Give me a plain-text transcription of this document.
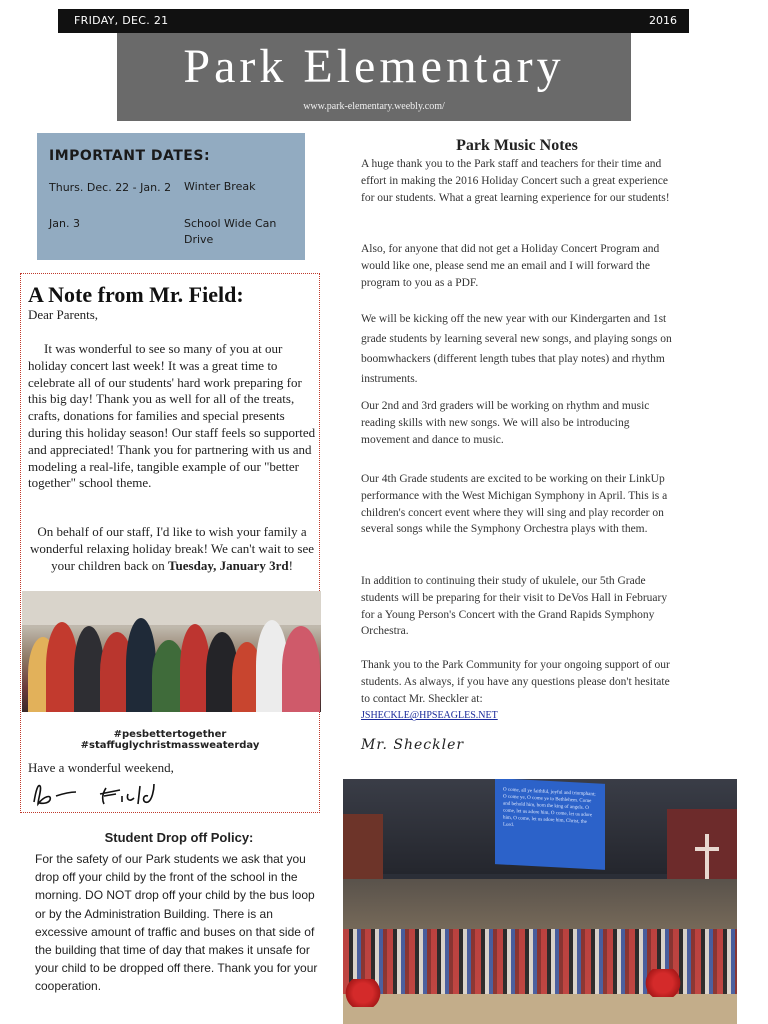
FRIDAY, DEC. 21	2016
Park Elementary
www.park-elementary.weebly.com/
IMPORTANT DATES:
Thurs. Dec. 22 - Jan. 2 Winter Break
Jan. 3	School Wide Can Drive
A Note from Mr. Field:
Dear Parents,
It was wonderful to see so many of you at our holiday concert last week! It was a great time to celebrate all of our students' hard work preparing for this big day! Thank you as well for all of the treats, crafts, donations for families and special presents during this holiday season! Our staff feels so supported and appreciated! Thank you for partnering with us and modeling a real-life, tangible example of our "better together" school theme.
On behalf of our staff, I'd like to wish your family a wonderful relaxing holiday break! We can't wait to see your children back on Tuesday, January 3rd!
#pesbettertogether #staffuglychristmassweaterday
Have a wonderful weekend,
Park Music Notes
A huge thank you to the Park staff and teachers for their time and effort in making the 2016 Holiday Concert such a great experience for our students. What a great learning experience for our students!
Also, for anyone that did not get a Holiday Concert Program and would like one, please send me an email and I will forward the program to you as a PDF.
We will be kicking off the new year with our Kindergarten and 1st grade students by learning several new songs, and playing songs on boomwhackers (different length tubes that play notes) and rhythm instruments.
Our 2nd and 3rd graders will be working on rhythm and music reading skills with new songs. We will also be introducing movement and dance to music.
Our 4th Grade students are excited to be working on their LinkUp performance with the West Michigan Symphony in April. This is a children's concert event where they will sing and play recorder on several songs while the Symphony Orchestra plays with them.
In addition to continuing their study of ukulele, our 5th Grade students will be preparing for their visit to DeVos Hall in February for a Young Person's Concert with the Grand Rapids Symphony Orchestra.
Thank you to the Park Community for your ongoing support of our students. As always, if you have any questions please don't hesitate to contact Mr. Sheckler at:
JSHECKLE@HPSEAGLES.NET
Mr. Sheckler
O come, all ye faithful, joyful and triumphant; O come ye, O come ye to Bethlehem. Come and behold him, born the king of angels. O come, let us adore him, O come, let us adore him, O come, let us adore him, Christ, the Lord.
Student Drop off Policy:
For the safety of our Park students we ask that you drop off your child by the front of the school in the morning. DO NOT drop off your child by the bus loop or by the Administration Building. There is an excessive amount of traffic and buses on that side of the building that time of day that makes it unsafe for your child to be dropped off there. Thank you for your cooperation.
